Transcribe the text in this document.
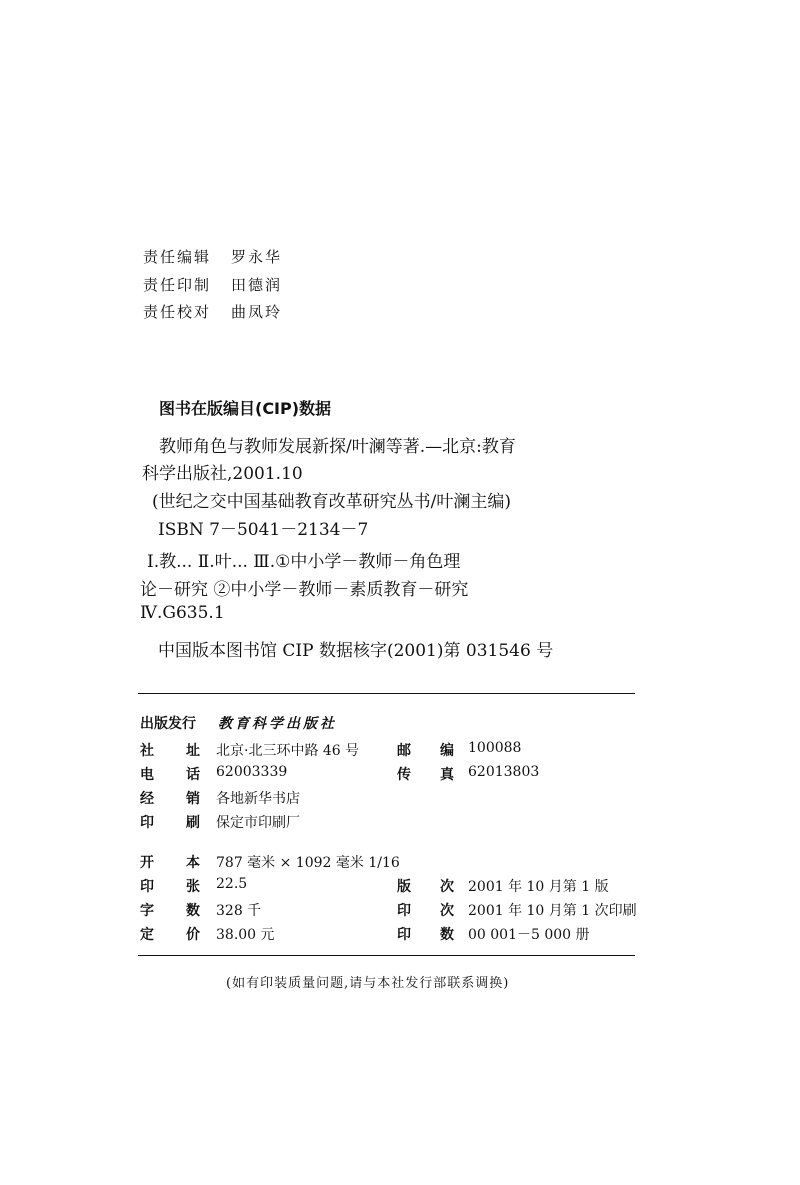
责任编辑 罗永华
责任印制 田德润
责任校对 曲凤玲
图书在版编目(CIP)数据
教师角色与教师发展新探/叶澜等著.—北京:教育
科学出版社,2001.10
(世纪之交中国基础教育改革研究丛书/叶澜主编)
ISBN 7－5041－2134－7
Ⅰ.教... Ⅱ.叶... Ⅲ.①中小学－教师－角色理
论－研究 ②中小学－教师－素质教育－研究
Ⅳ.G635.1
中国版本图书馆 CIP 数据核字(2001)第 031546 号
出版发行 教育科学出版社
社 址 北京·北三环中路 46 号	邮 编 100088
电 话 62003339	传 真 62013803
经 销 各地新华书店
印 刷 保定市印刷厂
开 本 787 毫米 × 1092 毫米 1/16
印 张 22.5	版 次 2001 年 10 月第 1 版
字 数 328 千	印 次 2001 年 10 月第 1 次印刷
定 价 38.00 元	印 数 00 001－5 000 册
(如有印装质量问题,请与本社发行部联系调换)
